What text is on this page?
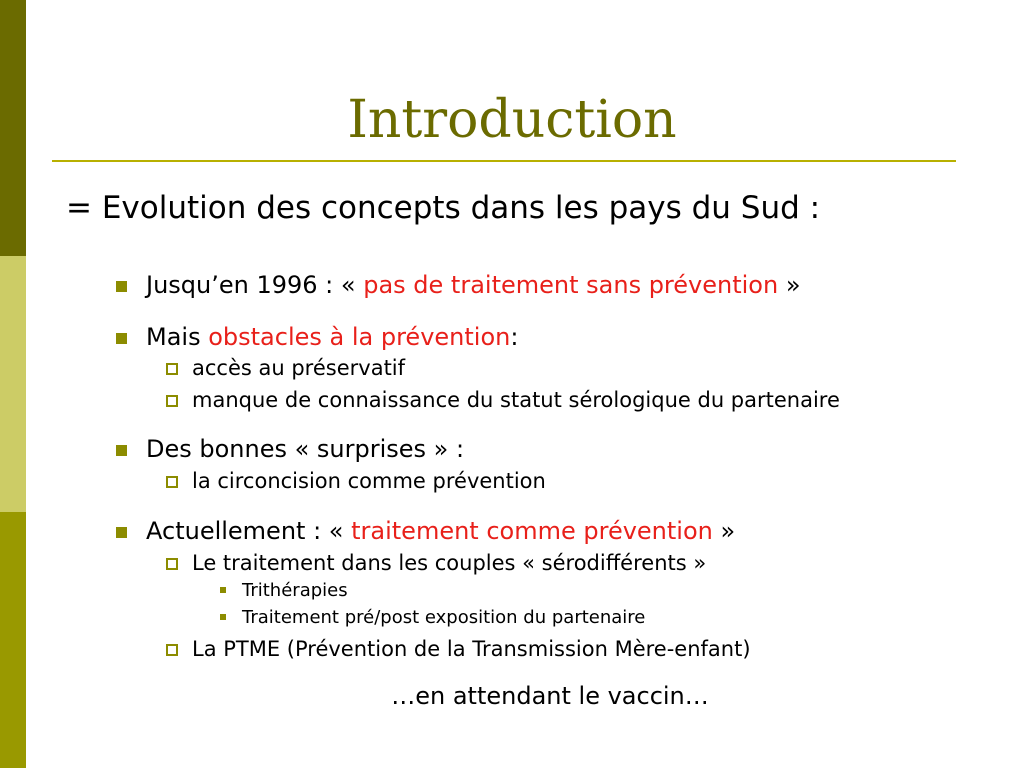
Introduction
= Evolution des concepts dans les pays du Sud :
Jusqu’en 1996 : « pas de traitement sans prévention »
Mais obstacles à la prévention:
accès au préservatif
manque de connaissance du statut sérologique du partenaire
Des bonnes « surprises » :
la circoncision comme prévention
Actuellement : « traitement comme prévention »
Le traitement dans les couples « sérodifférents »
Trithérapies
Traitement pré/post exposition du partenaire
La PTME (Prévention de la Transmission Mère-enfant)
…en attendant le vaccin…
